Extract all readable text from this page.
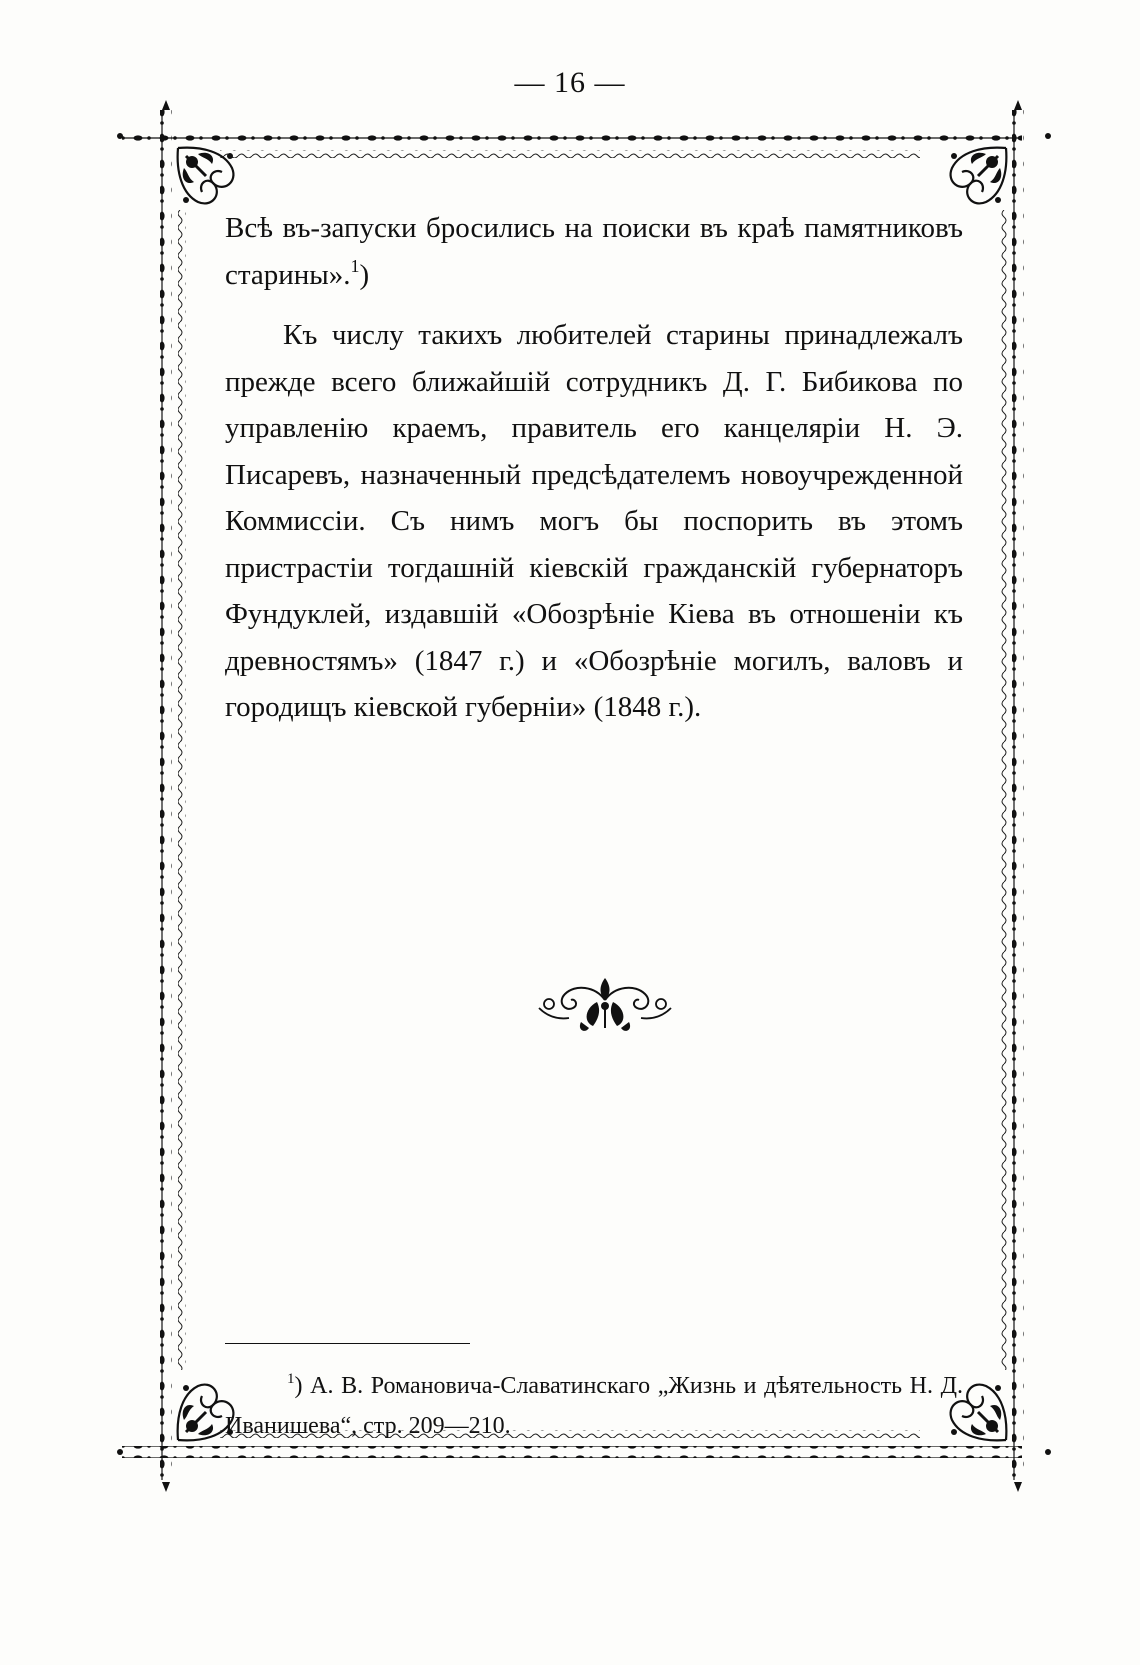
— 16 —

Всѣ въ-запуски бросились на поиски въ краѣ памятниковъ старины».$^1$)

Къ числу такихъ любителей старины принадлежалъ прежде всего ближайшій сотрудникъ Д. Г. Бибикова по управленію краемъ, правитель его канцеляріи Н. Э. Писаревъ, назначенный предсѣдателемъ новоучрежденной Коммиссіи. Съ нимъ могъ бы поспорить въ этомъ пристрастіи тогдашній кіевскій гражданскій губернаторъ Фундуклей, издавшій «Обозрѣніе Кіева въ отношеніи къ древностямъ» (1847 г.) и «Обозрѣніе могилъ, валовъ и городищъ кіевской губерніи» (1848 г.).

$^1$) А. В. Романовича-Славатинскаго „Жизнь и дѣятельность Н. Д. Иванишева“, стр. 209—210.
